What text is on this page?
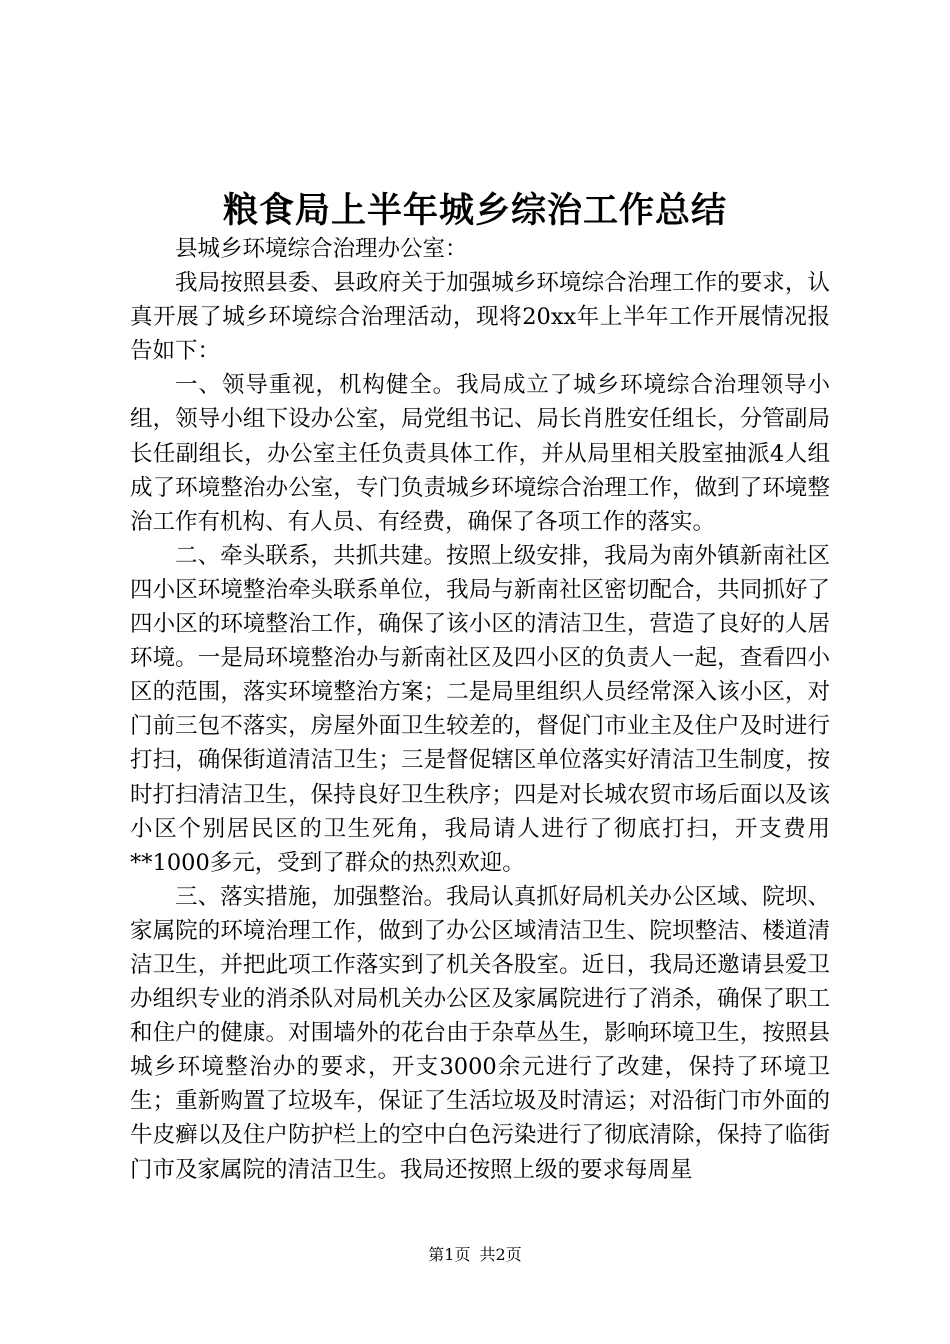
粮食局上半年城乡综治工作总结

县城乡环境综合治理办公室：

我局按照县委、县政府关于加强城乡环境综合治理工作的要求，认真开展了城乡环境综合治理活动，现将20xx年上半年工作开展情况报告如下：

一、领导重视，机构健全。我局成立了城乡环境综合治理领导小组，领导小组下设办公室，局党组书记、局长肖胜安任组长，分管副局长任副组长，办公室主任负责具体工作，并从局里相关股室抽派4人组成了环境整治办公室，专门负责城乡环境综合治理工作，做到了环境整治工作有机构、有人员、有经费，确保了各项工作的落实。

二、牵头联系，共抓共建。按照上级安排，我局为南外镇新南社区四小区环境整治牵头联系单位，我局与新南社区密切配合，共同抓好了四小区的环境整治工作，确保了该小区的清洁卫生，营造了良好的人居环境。一是局环境整治办与新南社区及四小区的负责人一起，查看四小区的范围，落实环境整治方案；二是局里组织人员经常深入该小区，对门前三包不落实，房屋外面卫生较差的，督促门市业主及住户及时进行打扫，确保街道清洁卫生；三是督促辖区单位落实好清洁卫生制度，按时打扫清洁卫生，保持良好卫生秩序；四是对长城农贸市场后面以及该小区个别居民区的卫生死角，我局请人进行了彻底打扫，开支费用**1000多元，受到了群众的热烈欢迎。

三、落实措施，加强整治。我局认真抓好局机关办公区域、院坝、家属院的环境治理工作，做到了办公区域清洁卫生、院坝整洁、楼道清洁卫生，并把此项工作落实到了机关各股室。近日，我局还邀请县爱卫办组织专业的消杀队对局机关办公区及家属院进行了消杀，确保了职工和住户的健康。对围墙外的花台由于杂草丛生，影响环境卫生，按照县城乡环境整治办的要求，开支3000余元进行了改建，保持了环境卫生；重新购置了垃圾车，保证了生活垃圾及时清运；对沿街门市外面的牛皮癣以及住户防护栏上的空中白色污染进行了彻底清除，保持了临街门市及家属院的清洁卫生。我局还按照上级的要求每周星

第1页 共2页
